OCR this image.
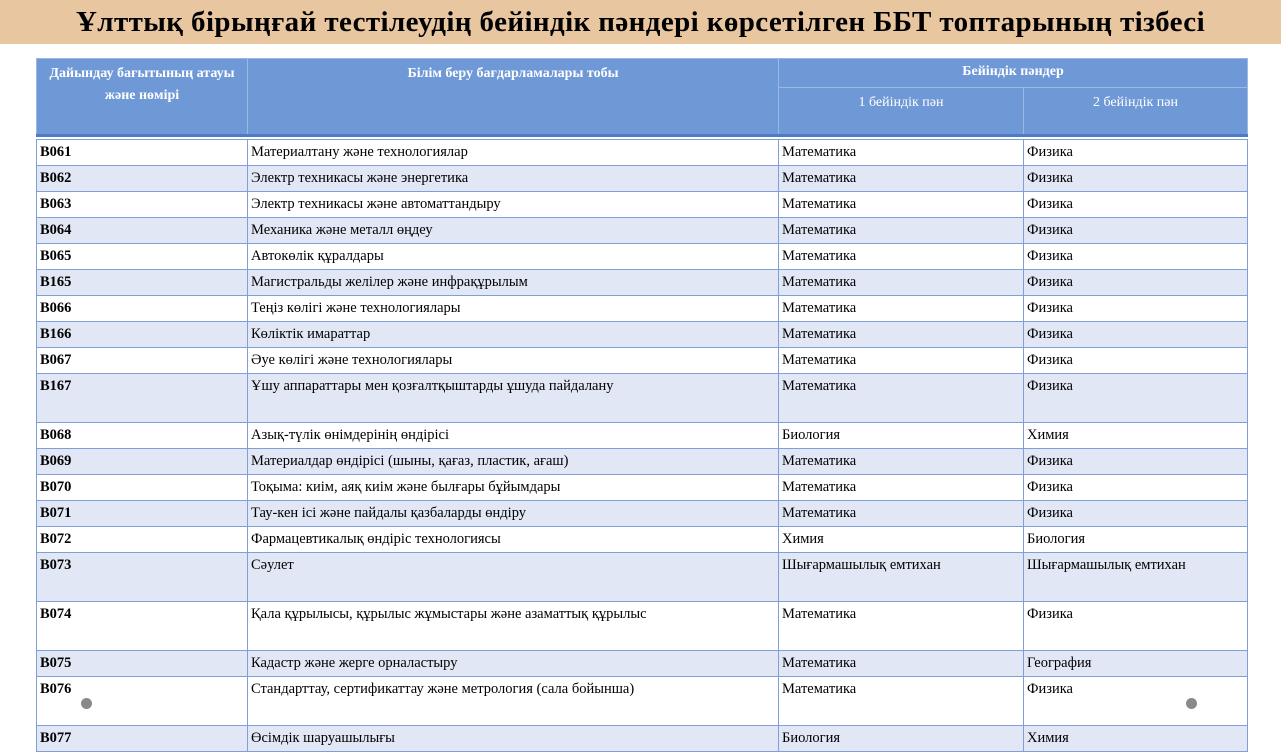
Ұлттық бірыңғай тестілеудің бейіндік пәндері көрсетілген ББТ топтарының тізбесі
Дайындау бағытының атауы және нөмірі	Білім беру бағдарламалары тобы	Бейіндік пәндер	
		1 бейіндік пән	2 бейіндік пән

B061	Материалтану және технологиялар	Математика	Физика
B062	Электр техникасы және энергетика	Математика	Физика
B063	Электр техникасы және автоматтандыру	Математика	Физика
B064	Механика және металл өңдеу	Математика	Физика
B065	Автокөлік құралдары	Математика	Физика
B165	Магистральды желілер және инфрақұрылым	Математика	Физика
B066	Теңіз көлігі және технологиялары	Математика	Физика
B166	Көліктік имараттар	Математика	Физика
B067	Әуе көлігі және технологиялары	Математика	Физика
B167	Ұшу аппараттары мен қозғалтқыштарды ұшуда пайдалану	Математика	Физика
B068	Азық-түлік өнімдерінің өндірісі	Биология	Химия
B069	Материалдар өндірісі (шыны, қағаз, пластик, ағаш)	Математика	Физика
B070	Тоқыма: киім, аяқ киім және былғары бұйымдары	Математика	Физика
B071	Тау-кен ісі және пайдалы қазбаларды өндіру	Математика	Физика
B072	Фармацевтикалық өндіріс технологиясы	Химия	Биология
B073	Сәулет	Шығармашылық емтихан	Шығармашылық емтихан
B074	Қала құрылысы, құрылыс жұмыстары және азаматтық құрылыс	Математика	Физика
B075	Кадастр және жерге орналастыру	Математика	География
B076	Стандарттау, сертификаттау және метрология (сала бойынша)	Математика	Физика
B077	Өсімдік шаруашылығы	Биология	Химия
